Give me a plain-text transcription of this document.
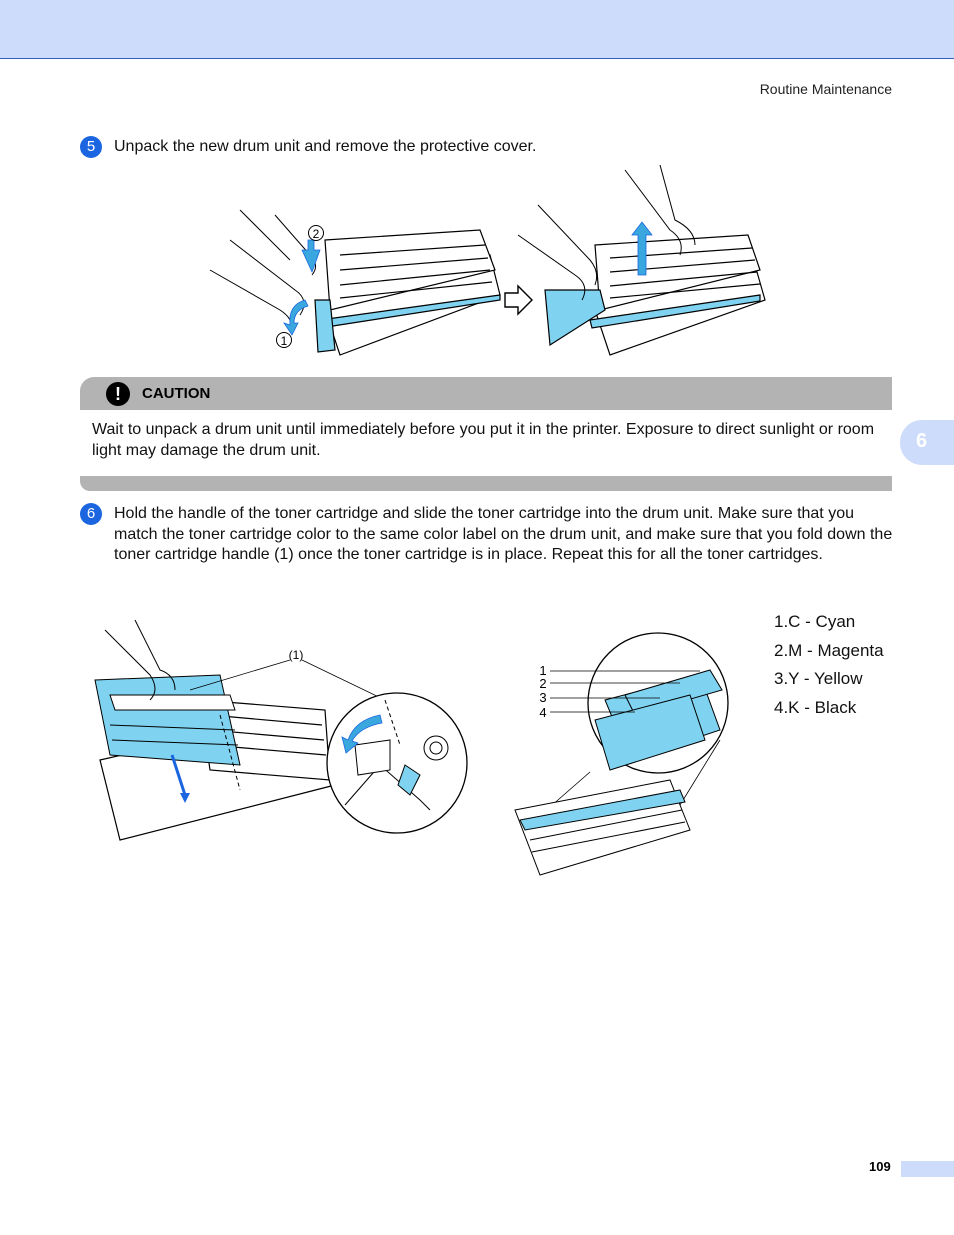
Routine Maintenance
6
5	Unpack the new drum unit and remove the protective cover.
2
1
!	CAUTION
Wait to unpack a drum unit until immediately before you put it in the printer. Exposure to direct sunlight or room light may damage the drum unit.
6	Hold the handle of the toner cartridge and slide the toner cartridge into the drum unit. Make sure that you match the toner cartridge color to the same color label on the drum unit, and make sure that you fold down the toner cartridge handle (1) once the toner cartridge is in place. Repeat this for all the toner cartridges.
(1)
1
2
3
4
1.C - Cyan
2.M - Magenta
3.Y - Yellow
4.K - Black
109
